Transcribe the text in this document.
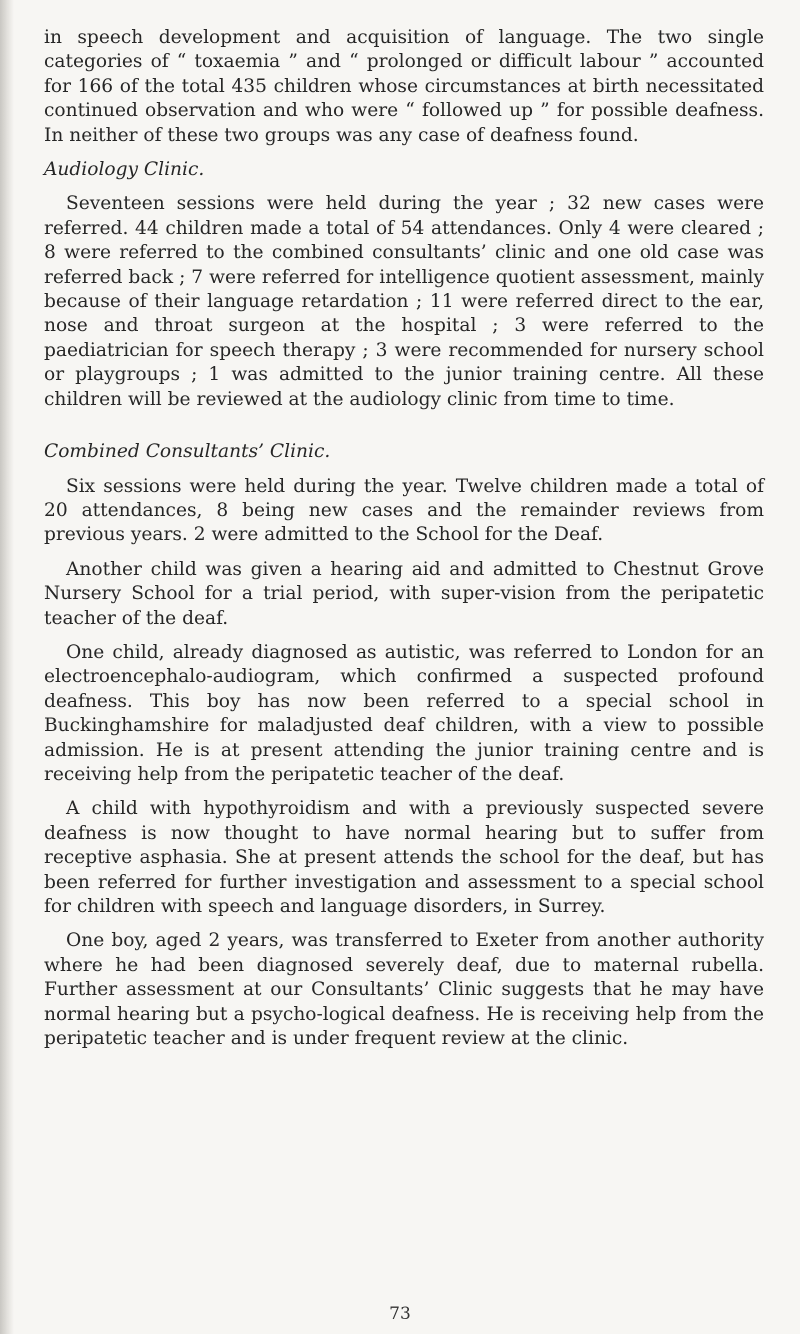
in speech development and acquisition of language. The two single categories of “ toxaemia ” and “ prolonged or difficult labour ” accounted for 166 of the total 435 children whose circumstances at birth necessitated continued observation and who were “ followed up ” for possible deafness. In neither of these two groups was any case of deafness found.

Audiology Clinic.

Seventeen sessions were held during the year ; 32 new cases were referred. 44 children made a total of 54 attendances. Only 4 were cleared ; 8 were referred to the combined consultants’ clinic and one old case was referred back ; 7 were referred for intelligence quotient assessment, mainly because of their language retardation ; 11 were referred direct to the ear, nose and throat surgeon at the hospital ; 3 were referred to the paediatrician for speech therapy ; 3 were recommended for nursery school or playgroups ; 1 was admitted to the junior training centre. All these children will be reviewed at the audiology clinic from time to time.

Combined Consultants’ Clinic.

Six sessions were held during the year. Twelve children made a total of 20 attendances, 8 being new cases and the remainder reviews from previous years. 2 were admitted to the School for the Deaf.

Another child was given a hearing aid and admitted to Chestnut Grove Nursery School for a trial period, with super-vision from the peripatetic teacher of the deaf.

One child, already diagnosed as autistic, was referred to London for an electroencephalo-audiogram, which confirmed a suspected profound deafness. This boy has now been referred to a special school in Buckinghamshire for maladjusted deaf children, with a view to possible admission. He is at present attending the junior training centre and is receiving help from the peripatetic teacher of the deaf.

A child with hypothyroidism and with a previously suspected severe deafness is now thought to have normal hearing but to suffer from receptive asphasia. She at present attends the school for the deaf, but has been referred for further investigation and assessment to a special school for children with speech and language disorders, in Surrey.

One boy, aged 2 years, was transferred to Exeter from another authority where he had been diagnosed severely deaf, due to maternal rubella. Further assessment at our Consultants’ Clinic suggests that he may have normal hearing but a psycho-logical deafness. He is receiving help from the peripatetic teacher and is under frequent review at the clinic.

73
